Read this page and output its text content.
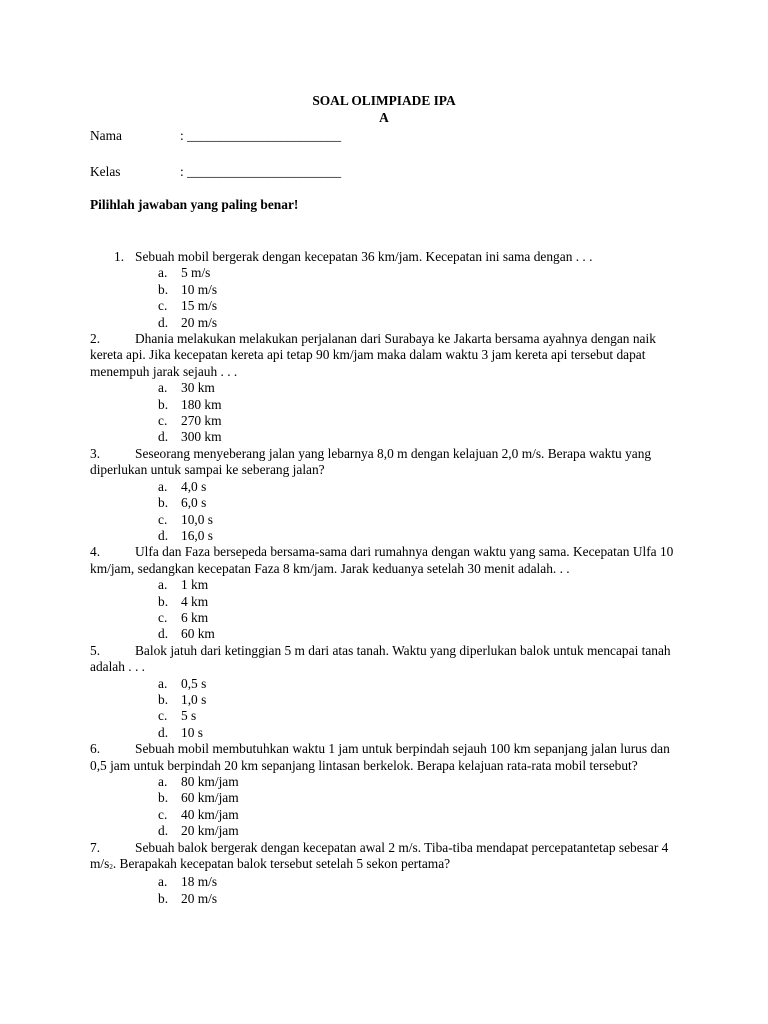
SOAL OLIMPIADE IPA
A
Nama	: _______________________
Kelas	: _______________________
Pilihlah jawaban yang paling benar!
1. Sebuah mobil bergerak dengan kecepatan 36 km/jam. Kecepatan ini sama dengan . . .
a. 5 m/s
b. 10 m/s
c. 15 m/s
d. 20 m/s
2.	Dhania melakukan melakukan perjalanan dari Surabaya ke Jakarta bersama ayahnya dengan naik kereta api. Jika kecepatan kereta api tetap 90 km/jam maka dalam waktu 3 jam kereta api tersebut dapat menempuh jarak sejauh . . .
a. 30 km
b. 180 km
c. 270 km
d. 300 km
3.	Seseorang menyeberang jalan yang lebarnya 8,0 m dengan kelajuan 2,0 m/s. Berapa waktu yang diperlukan untuk sampai ke seberang jalan?
a. 4,0 s
b. 6,0 s
c. 10,0 s
d. 16,0 s
4.	Ulfa dan Faza bersepeda bersama-sama dari rumahnya dengan waktu yang sama. Kecepatan Ulfa 10 km/jam, sedangkan kecepatan Faza 8 km/jam. Jarak keduanya setelah 30 menit adalah. . .
a. 1 km
b. 4 km
c. 6 km
d. 60 km
5.	Balok jatuh dari ketinggian 5 m dari atas tanah. Waktu yang diperlukan balok untuk mencapai tanah adalah . . .
a. 0,5 s
b. 1,0 s
c. 5 s
d. 10 s
6.	Sebuah mobil membutuhkan waktu 1 jam untuk berpindah sejauh 100 km sepanjang jalan lurus dan 0,5 jam untuk berpindah 20 km sepanjang lintasan berkelok. Berapa kelajuan rata-rata mobil tersebut?
a. 80 km/jam
b. 60 km/jam
c. 40 km/jam
d. 20 km/jam
7.	Sebuah balok bergerak dengan kecepatan awal 2 m/s. Tiba-tiba mendapat percepatantetap sebesar 4 $m/s_2$. Berapakah kecepatan balok tersebut setelah 5 sekon pertama?
a. 18 m/s
b. 20 m/s
